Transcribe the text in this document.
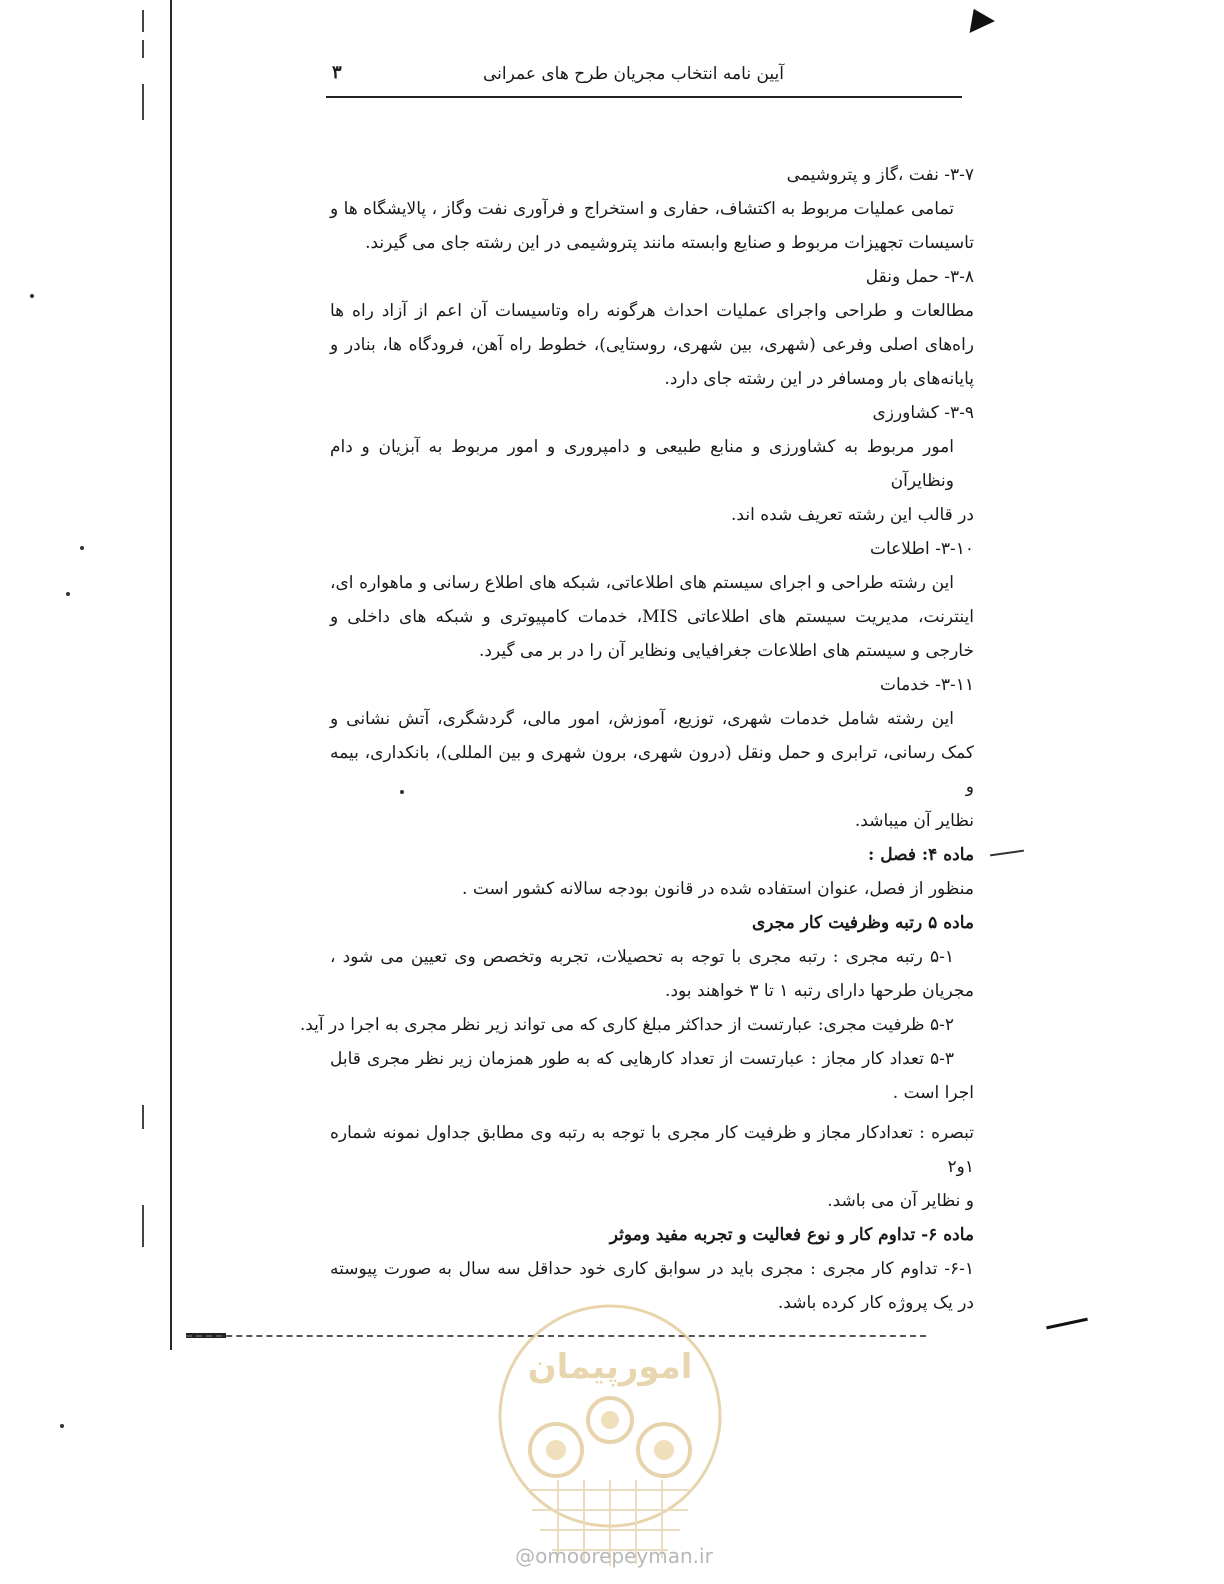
آیین نامه انتخاب مجریان طرح های عمرانی
۳
۳-۷- نفت ،گاز و پتروشیمی
تمامی عملیات مربوط به اکتشاف، حفاری و استخراج و فرآوری نفت وگاز ، پالایشگاه ها و
تاسیسات تجهیزات مربوط و صنایع وابسته مانند پتروشیمی در این رشته جای می گیرند.
۳-۸- حمل ونقل
مطالعات و طراحی واجرای عملیات احداث هرگونه راه وتاسیسات آن اعم از آزاد راه ها
راه‌های اصلی وفرعی (شهری، بین شهری، روستایی)، خطوط راه آهن، فرودگاه ها، بنادر و
پایانه‌های بار ومسافر در این رشته جای دارد.
۳-۹- کشاورزی
امور مربوط به کشاورزی و منابع طبیعی و دامپروری و امور مربوط به آبزیان و دام ونظایرآن
در قالب این رشته تعریف شده اند.
۳-۱۰- اطلاعات
این رشته طراحی و اجرای سیستم های اطلاعاتی، شبکه های اطلاع رسانی و ماهواره ای،
اینترنت، مدیریت سیستم های اطلاعاتی MIS، خدمات کامپیوتری و شبکه های داخلی و
خارجی و سیستم های اطلاعات جغرافیایی ونظایر آن را در بر می گیرد.
۳-۱۱- خدمات
این رشته شامل خدمات شهری، توزیع، آموزش، امور مالی، گردشگری، آتش نشانی و
کمک رسانی، ترابری و حمل ونقل (درون شهری، برون شهری و بین المللی)، بانکداری، بیمه و
نظایر آن میباشد.
ماده ۴: فصل :
منظور از فصل، عنوان استفاده شده در قانون بودجه سالانه کشور است .
ماده ۵ رتبه وظرفیت کار مجری
۵-۱ رتبه مجری : رتبه مجری با توجه به تحصیلات، تجربه وتخصص وی تعیین می شود ،
مجریان طرحها دارای رتبه ۱ تا ۳ خواهند بود.
۵-۲ ظرفیت مجری: عبارتست از حداکثر مبلغ کاری که می تواند زیر نظر مجری به اجرا در آید.
۵-۳ تعداد کار مجاز : عبارتست از تعداد کارهایی که به طور همزمان زیر نظر مجری قابل
اجرا است .
تبصره : تعدادکار مجاز و ظرفیت کار مجری با توجه به رتبه وی مطابق جداول نمونه شماره ۱و۲
و نظایر آن می باشد.
ماده ۶- تداوم کار و نوع فعالیت و تجربه مفید وموثر
۶-۱- تداوم کار مجری : مجری باید در سوابق کاری خود حداقل سه سال به صورت پیوسته
در یک پروژه کار کرده باشد.
امورپیمان
@omoorepeyman.ir
